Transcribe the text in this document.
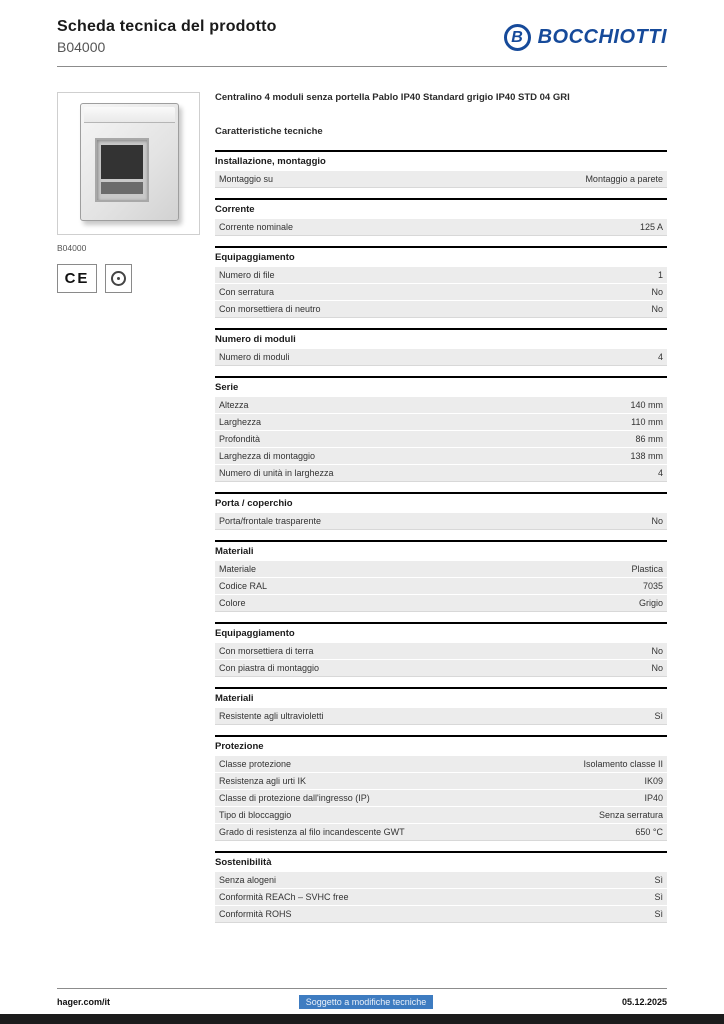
Scheda tecnica del prodotto
B04000
B BOCCHIOTTI
B04000
CE
Centralino 4 moduli senza portella Pablo IP40 Standard grigio IP40 STD 04 GRI
Caratteristiche tecniche
Installazione, montaggio
Montaggio su	Montaggio a parete
Corrente
Corrente nominale	125 A
Equipaggiamento
Numero di file	1
Con serratura	No
Con morsettiera di neutro	No
Numero di moduli
Numero di moduli	4
Serie
Altezza	140 mm
Larghezza	110 mm
Profondità	86 mm
Larghezza di montaggio	138 mm
Numero di unità in larghezza	4
Porta / coperchio
Porta/frontale trasparente	No
Materiali
Materiale	Plastica
Codice RAL	7035
Colore	Grigio
Equipaggiamento
Con morsettiera di terra	No
Con piastra di montaggio	No
Materiali
Resistente agli ultravioletti	Sì
Protezione
Classe protezione	Isolamento classe II
Resistenza agli urti IK	IK09
Classe di protezione dall'ingresso (IP)	IP40
Tipo di bloccaggio	Senza serratura
Grado di resistenza al filo incandescente GWT	650 °C
Sostenibilità
Senza alogeni	Sì
Conformità REACh – SVHC free	Sì
Conformità ROHS	Sì
hager.com/it	Soggetto a modifiche tecniche	05.12.2025
